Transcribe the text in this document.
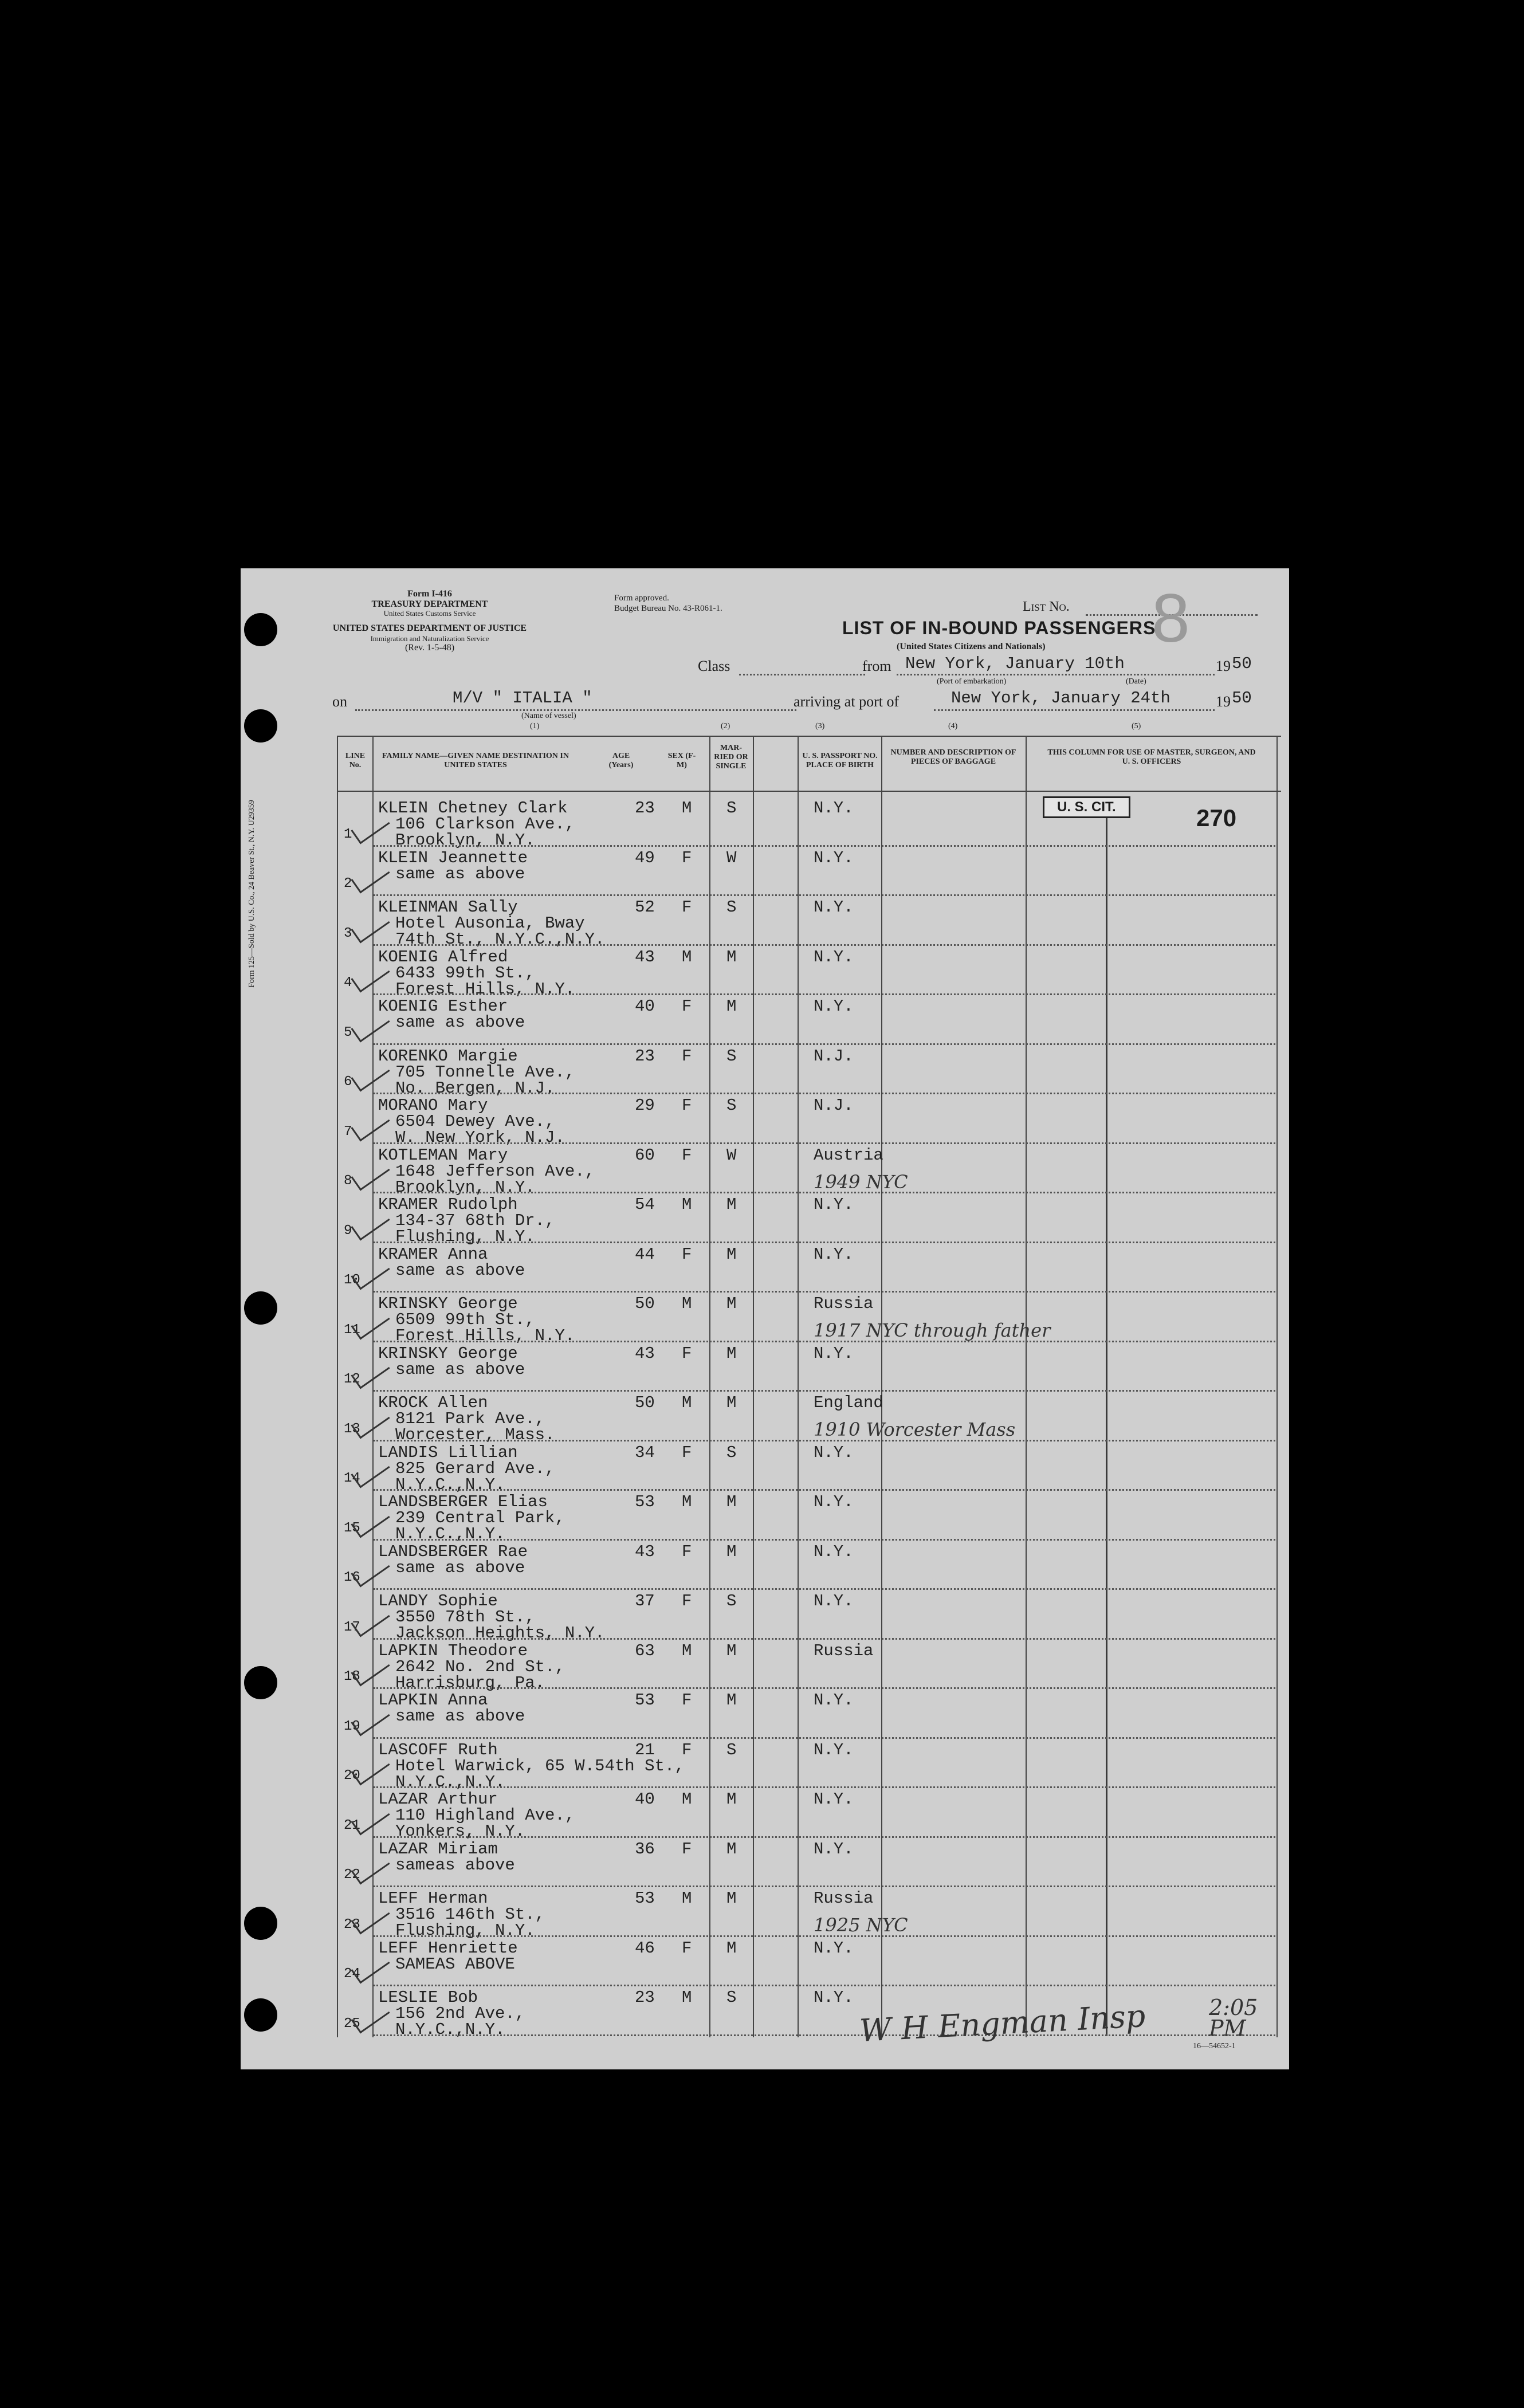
Form 125—Sold by U.S. Co., 24 Beaver St., N.Y. U29359
Form I-416
TREASURY DEPARTMENT
United States Customs Service
UNITED STATES DEPARTMENT OF JUSTICE
Immigration and Naturalization Service
(Rev. 1-5-48)
Form approved.
Budget Bureau No. 43-R061-1.	List No. 8
LIST OF IN-BOUND PASSENGERS
(United States Citizens and Nationals)
Class	from New York, January 10th	19 50
(Port of embarkation)	(Date)
on	M/V " ITALIA "
(Name of vessel)
arriving at port of	New York, January 24th	19 50
(1)	(2)	(3)	(4)	(5)
LINE No.
FAMILY NAME—GIVEN NAME DESTINATION IN UNITED STATES
AGE (Years)
SEX (F-M)
MAR-RIED OR SINGLE
U. S. PASSPORT NO. PLACE OF BIRTH
NUMBER AND DESCRIPTION OF PIECES OF BAGGAGE
THIS COLUMN FOR USE OF MASTER, SURGEON, AND U. S. OFFICERS
U. S. CIT.	270
1
KLEIN Chetney Clark
106 Clarkson Ave.,
Brooklyn, N.Y.
23 M S	N.Y.
2
KLEIN Jeannette
same as above
49 F W	N.Y.
3
KLEINMAN Sally
Hotel Ausonia, Bway
74th St., N.Y.C.,N.Y.
52 F S	N.Y.
4
KOENIG Alfred
6433 99th St.,
Forest Hills, N.Y.
43 M M	N.Y.
5
KOENIG Esther
same as above
40 F M	N.Y.
6
KORENKO Margie
705 Tonnelle Ave.,
No. Bergen, N.J.
23 F S	N.J.
7
MORANO Mary
6504 Dewey Ave.,
W. New York, N.J.
29 F S	N.J.
8
KOTLEMAN Mary
1648 Jefferson Ave.,
Brooklyn, N.Y.
60 F W	Austria
1949 NYC
9
KRAMER Rudolph
134-37 68th Dr.,
Flushing, N.Y.
54 M M	N.Y.
10
KRAMER Anna
same as above
44 F M	N.Y.
11
KRINSKY George
6509 99th St.,
Forest Hills, N.Y.
50 M M	Russia
1917 NYC through father
12
KRINSKY George
same as above
43 F M	N.Y.
13
KROCK Allen
8121 Park Ave.,
Worcester, Mass.
50 M M	England
1910 Worcester Mass
14
LANDIS Lillian
825 Gerard Ave.,
N.Y.C.,N.Y.
34 F S	N.Y.
15
LANDSBERGER Elias
239 Central Park,
N.Y.C.,N.Y.
53 M M	N.Y.
16
LANDSBERGER Rae
same as above
43 F M	N.Y.
17
LANDY Sophie
3550 78th St.,
Jackson Heights, N.Y.
37 F S	N.Y.
18
LAPKIN Theodore
2642 No. 2nd St.,
Harrisburg, Pa.
63 M M	Russia
19
LAPKIN Anna
same as above
53 F M	N.Y.
20
LASCOFF Ruth
Hotel Warwick, 65 W.54th St.,
N.Y.C.,N.Y.
21 F S	N.Y.
21
LAZAR Arthur
110 Highland Ave.,
Yonkers, N.Y.
40 M M	N.Y.
22
LAZAR Miriam
sameas above
36 F M	N.Y.
23
LEFF Herman
3516 146th St.,
Flushing, N.Y.
53 M M	Russia
1925 NYC
24
LEFF Henriette
SAMEAS ABOVE
46 F M	N.Y.
25
LESLIE Bob
156 2nd Ave.,
N.Y.C.,N.Y.
23 M S	N.Y.
W H Engman Insp	2:05 PM
16—54652-1
